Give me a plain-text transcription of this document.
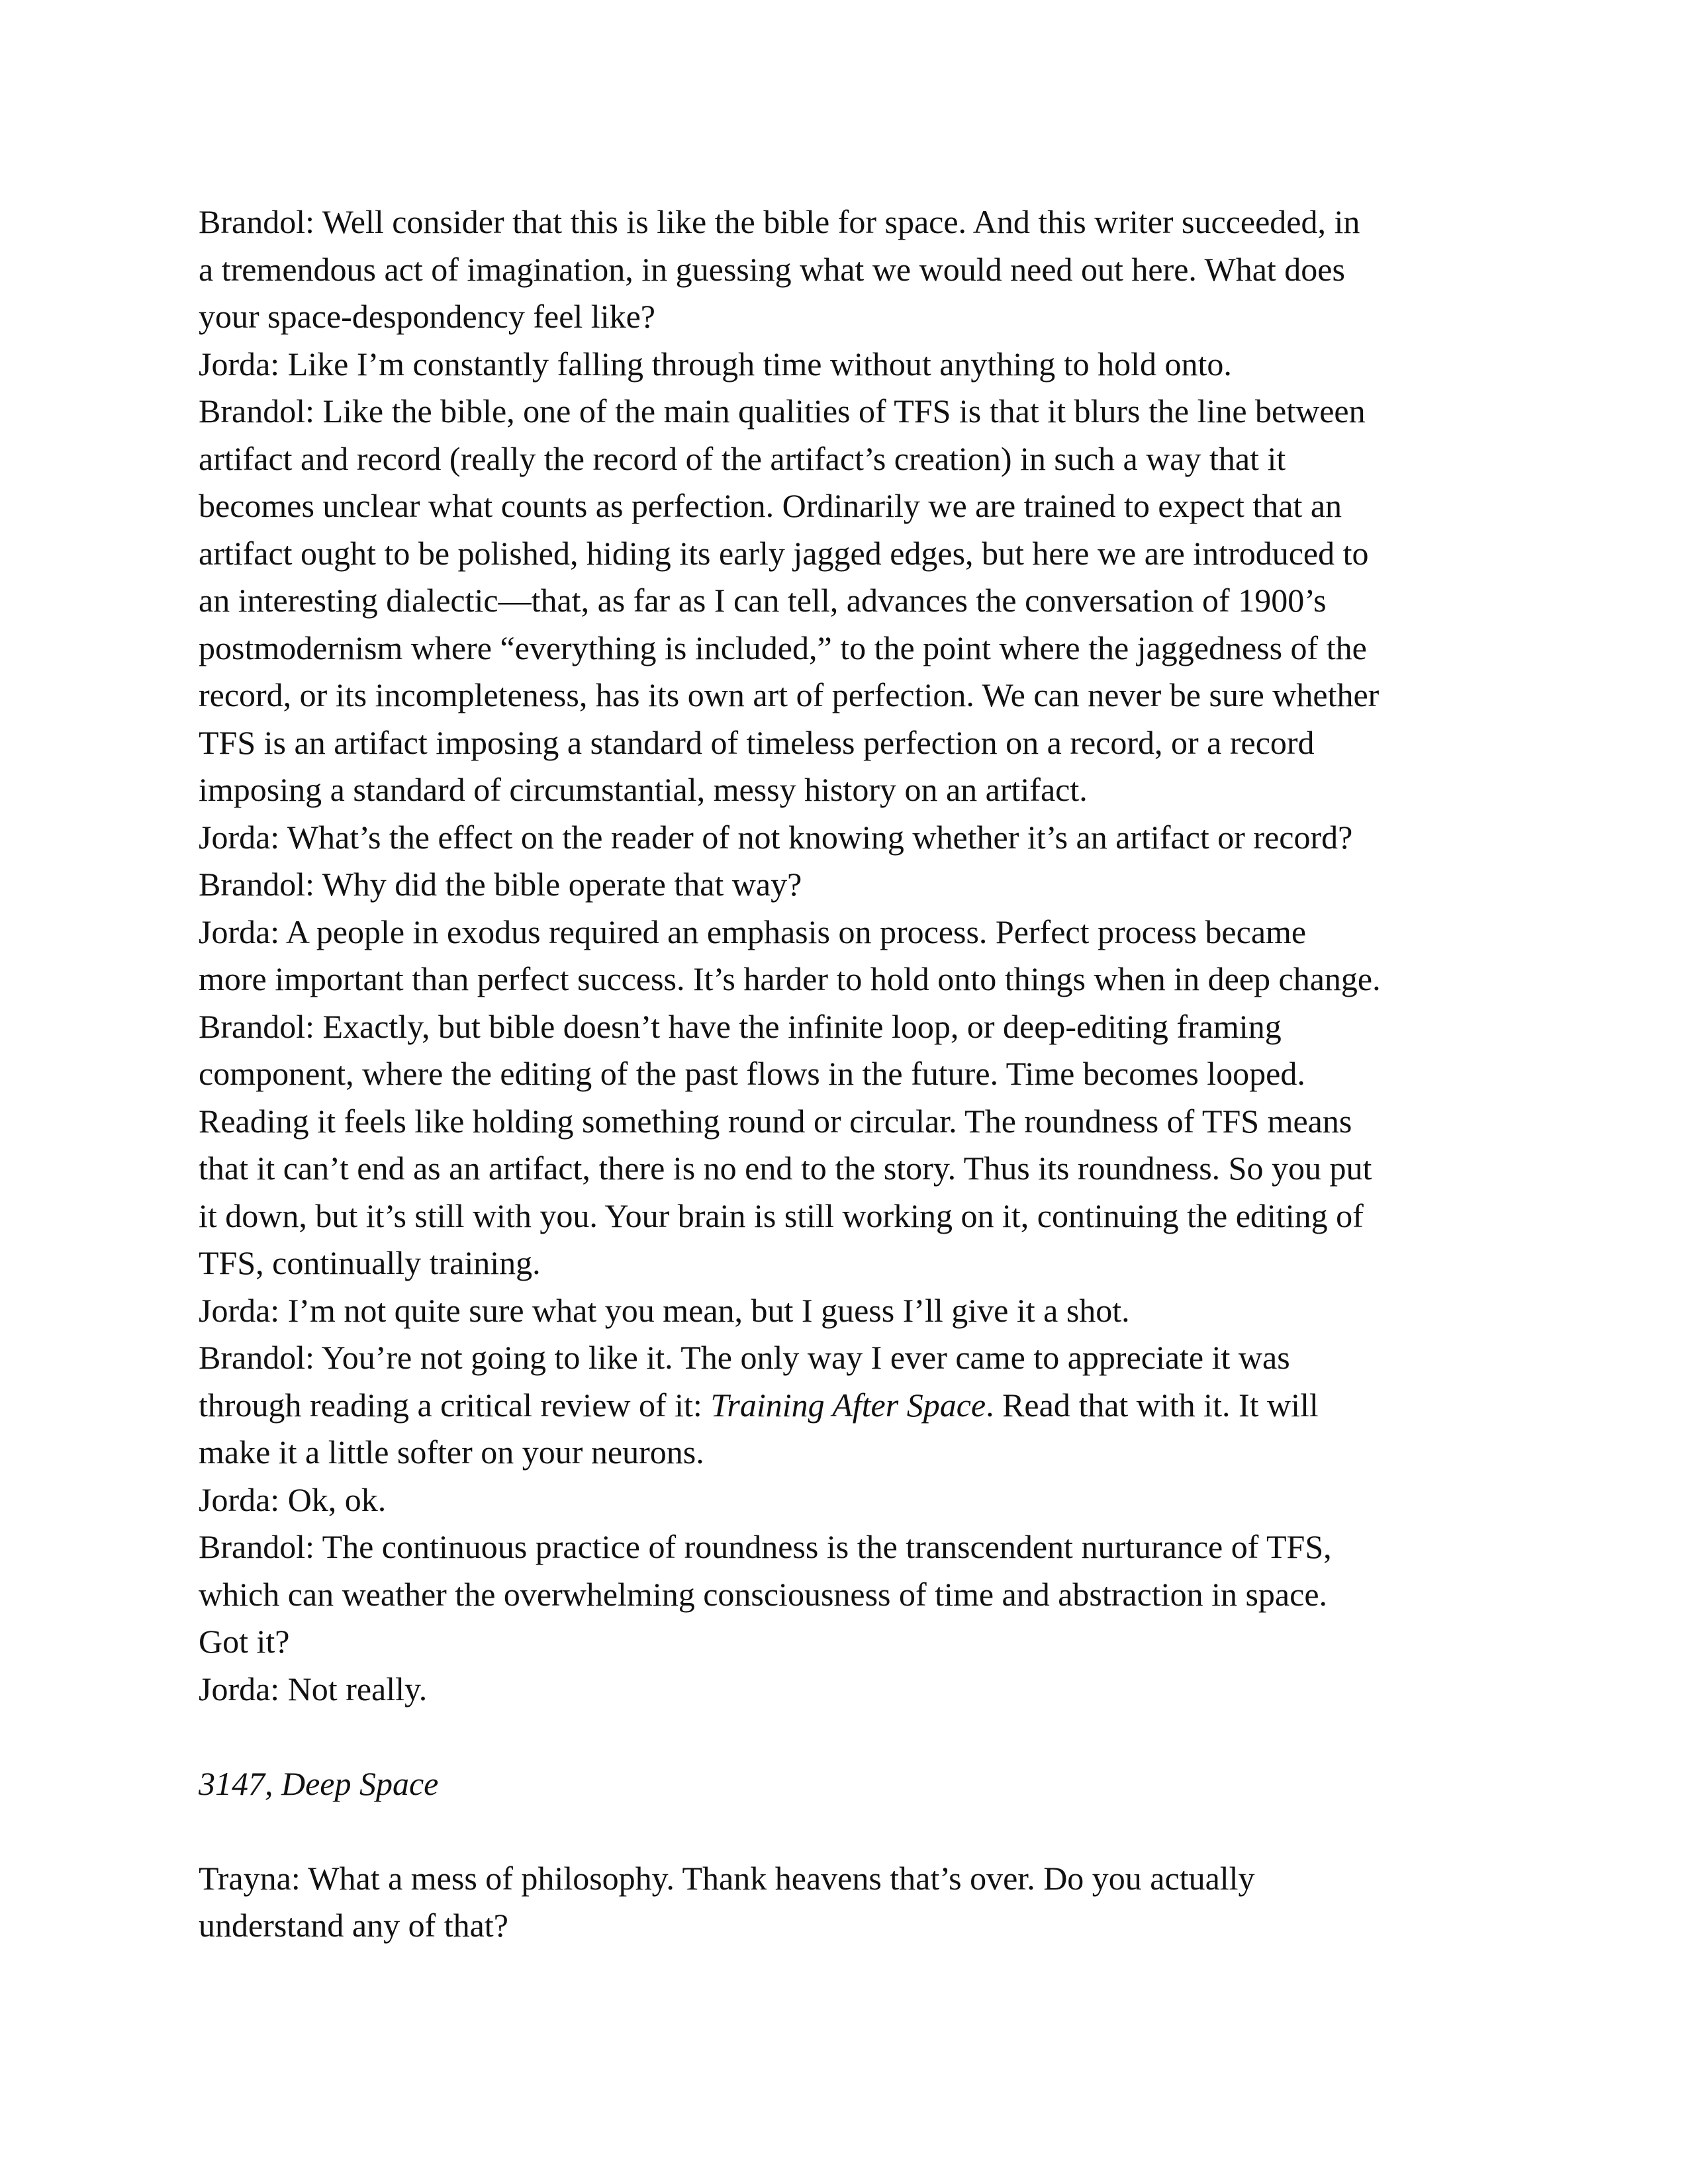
Brandol: Well consider that this is like the bible for space. And this writer succeeded, in
a tremendous act of imagination, in guessing what we would need out here. What does
your space-despondency feel like?
Jorda: Like I’m constantly falling through time without anything to hold onto.
Brandol: Like the bible, one of the main qualities of TFS is that it blurs the line between
artifact and record (really the record of the artifact’s creation) in such a way that it
becomes unclear what counts as perfection. Ordinarily we are trained to expect that an
artifact ought to be polished, hiding its early jagged edges, but here we are introduced to
an interesting dialectic—that, as far as I can tell, advances the conversation of 1900’s
postmodernism where “everything is included,” to the point where the jaggedness of the
record, or its incompleteness, has its own art of perfection. We can never be sure whether
TFS is an artifact imposing a standard of timeless perfection on a record, or a record
imposing a standard of circumstantial, messy history on an artifact.
Jorda: What’s the effect on the reader of not knowing whether it’s an artifact or record?
Brandol: Why did the bible operate that way?
Jorda: A people in exodus required an emphasis on process. Perfect process became
more important than perfect success. It’s harder to hold onto things when in deep change.
Brandol: Exactly, but bible doesn’t have the infinite loop, or deep-editing framing
component, where the editing of the past flows in the future. Time becomes looped.
Reading it feels like holding something round or circular. The roundness of TFS means
that it can’t end as an artifact, there is no end to the story. Thus its roundness. So you put
it down, but it’s still with you. Your brain is still working on it, continuing the editing of
TFS, continually training.
Jorda: I’m not quite sure what you mean, but I guess I’ll give it a shot.
Brandol: You’re not going to like it. The only way I ever came to appreciate it was
through reading a critical review of it: Training After Space. Read that with it. It will
make it a little softer on your neurons.
Jorda: Ok, ok.
Brandol: The continuous practice of roundness is the transcendent nurturance of TFS,
which can weather the overwhelming consciousness of time and abstraction in space.
Got it?
Jorda: Not really.
3147, Deep Space
Trayna: What a mess of philosophy. Thank heavens that’s over. Do you actually
understand any of that?
